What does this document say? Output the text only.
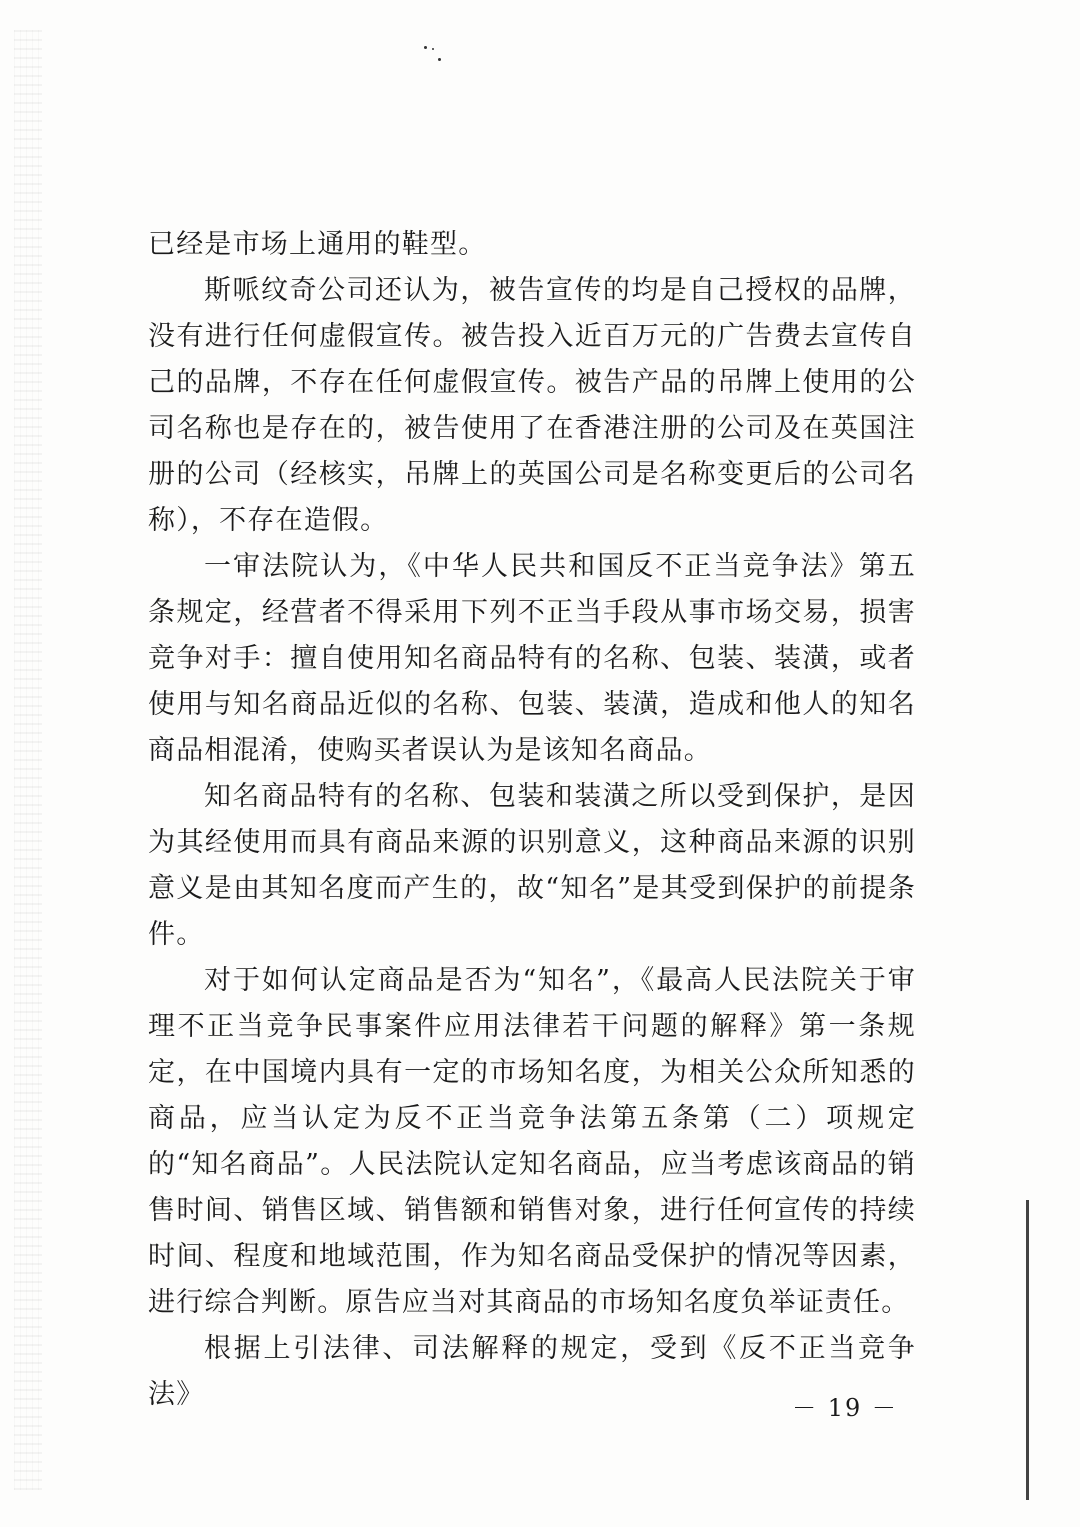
已经是市场上通用的鞋型。

斯哌纹奇公司还认为，被告宣传的均是自己授权的品牌，没有进行任何虚假宣传。被告投入近百万元的广告费去宣传自己的品牌，不存在任何虚假宣传。被告产品的吊牌上使用的公司名称也是存在的，被告使用了在香港注册的公司及在英国注册的公司（经核实，吊牌上的英国公司是名称变更后的公司名称），不存在造假。

一审法院认为，《中华人民共和国反不正当竞争法》第五条规定，经营者不得采用下列不正当手段从事市场交易，损害竞争对手：擅自使用知名商品特有的名称、包装、装潢，或者使用与知名商品近似的名称、包装、装潢，造成和他人的知名商品相混淆，使购买者误认为是该知名商品。

知名商品特有的名称、包装和装潢之所以受到保护，是因为其经使用而具有商品来源的识别意义，这种商品来源的识别意义是由其知名度而产生的，故“知名”是其受到保护的前提条件。

对于如何认定商品是否为“知名”，《最高人民法院关于审理不正当竞争民事案件应用法律若干问题的解释》第一条规定，在中国境内具有一定的市场知名度，为相关公众所知悉的商品，应当认定为反不正当竞争法第五条第（二）项规定的“知名商品”。人民法院认定知名商品，应当考虑该商品的销售时间、销售区域、销售额和销售对象，进行任何宣传的持续时间、程度和地域范围，作为知名商品受保护的情况等因素，进行综合判断。原告应当对其商品的市场知名度负举证责任。

根据上引法律、司法解释的规定，受到《反不正当竞争法》	－ 19 －
